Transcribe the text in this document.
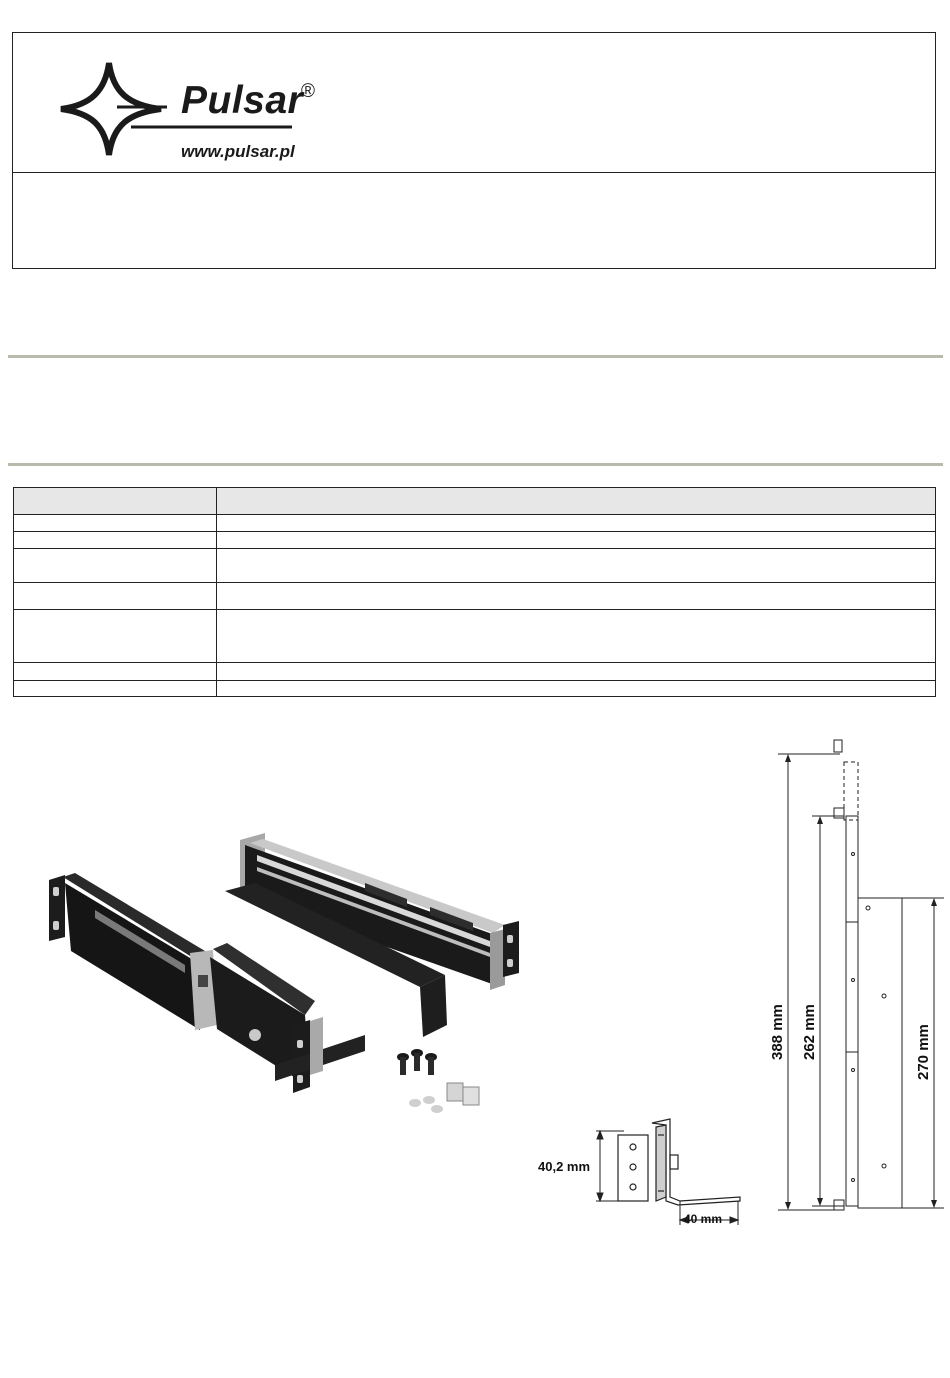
Pulsar
®
www.pulsar.pl

40,2 mm
40 mm
388 mm 262 mm	270 mm
